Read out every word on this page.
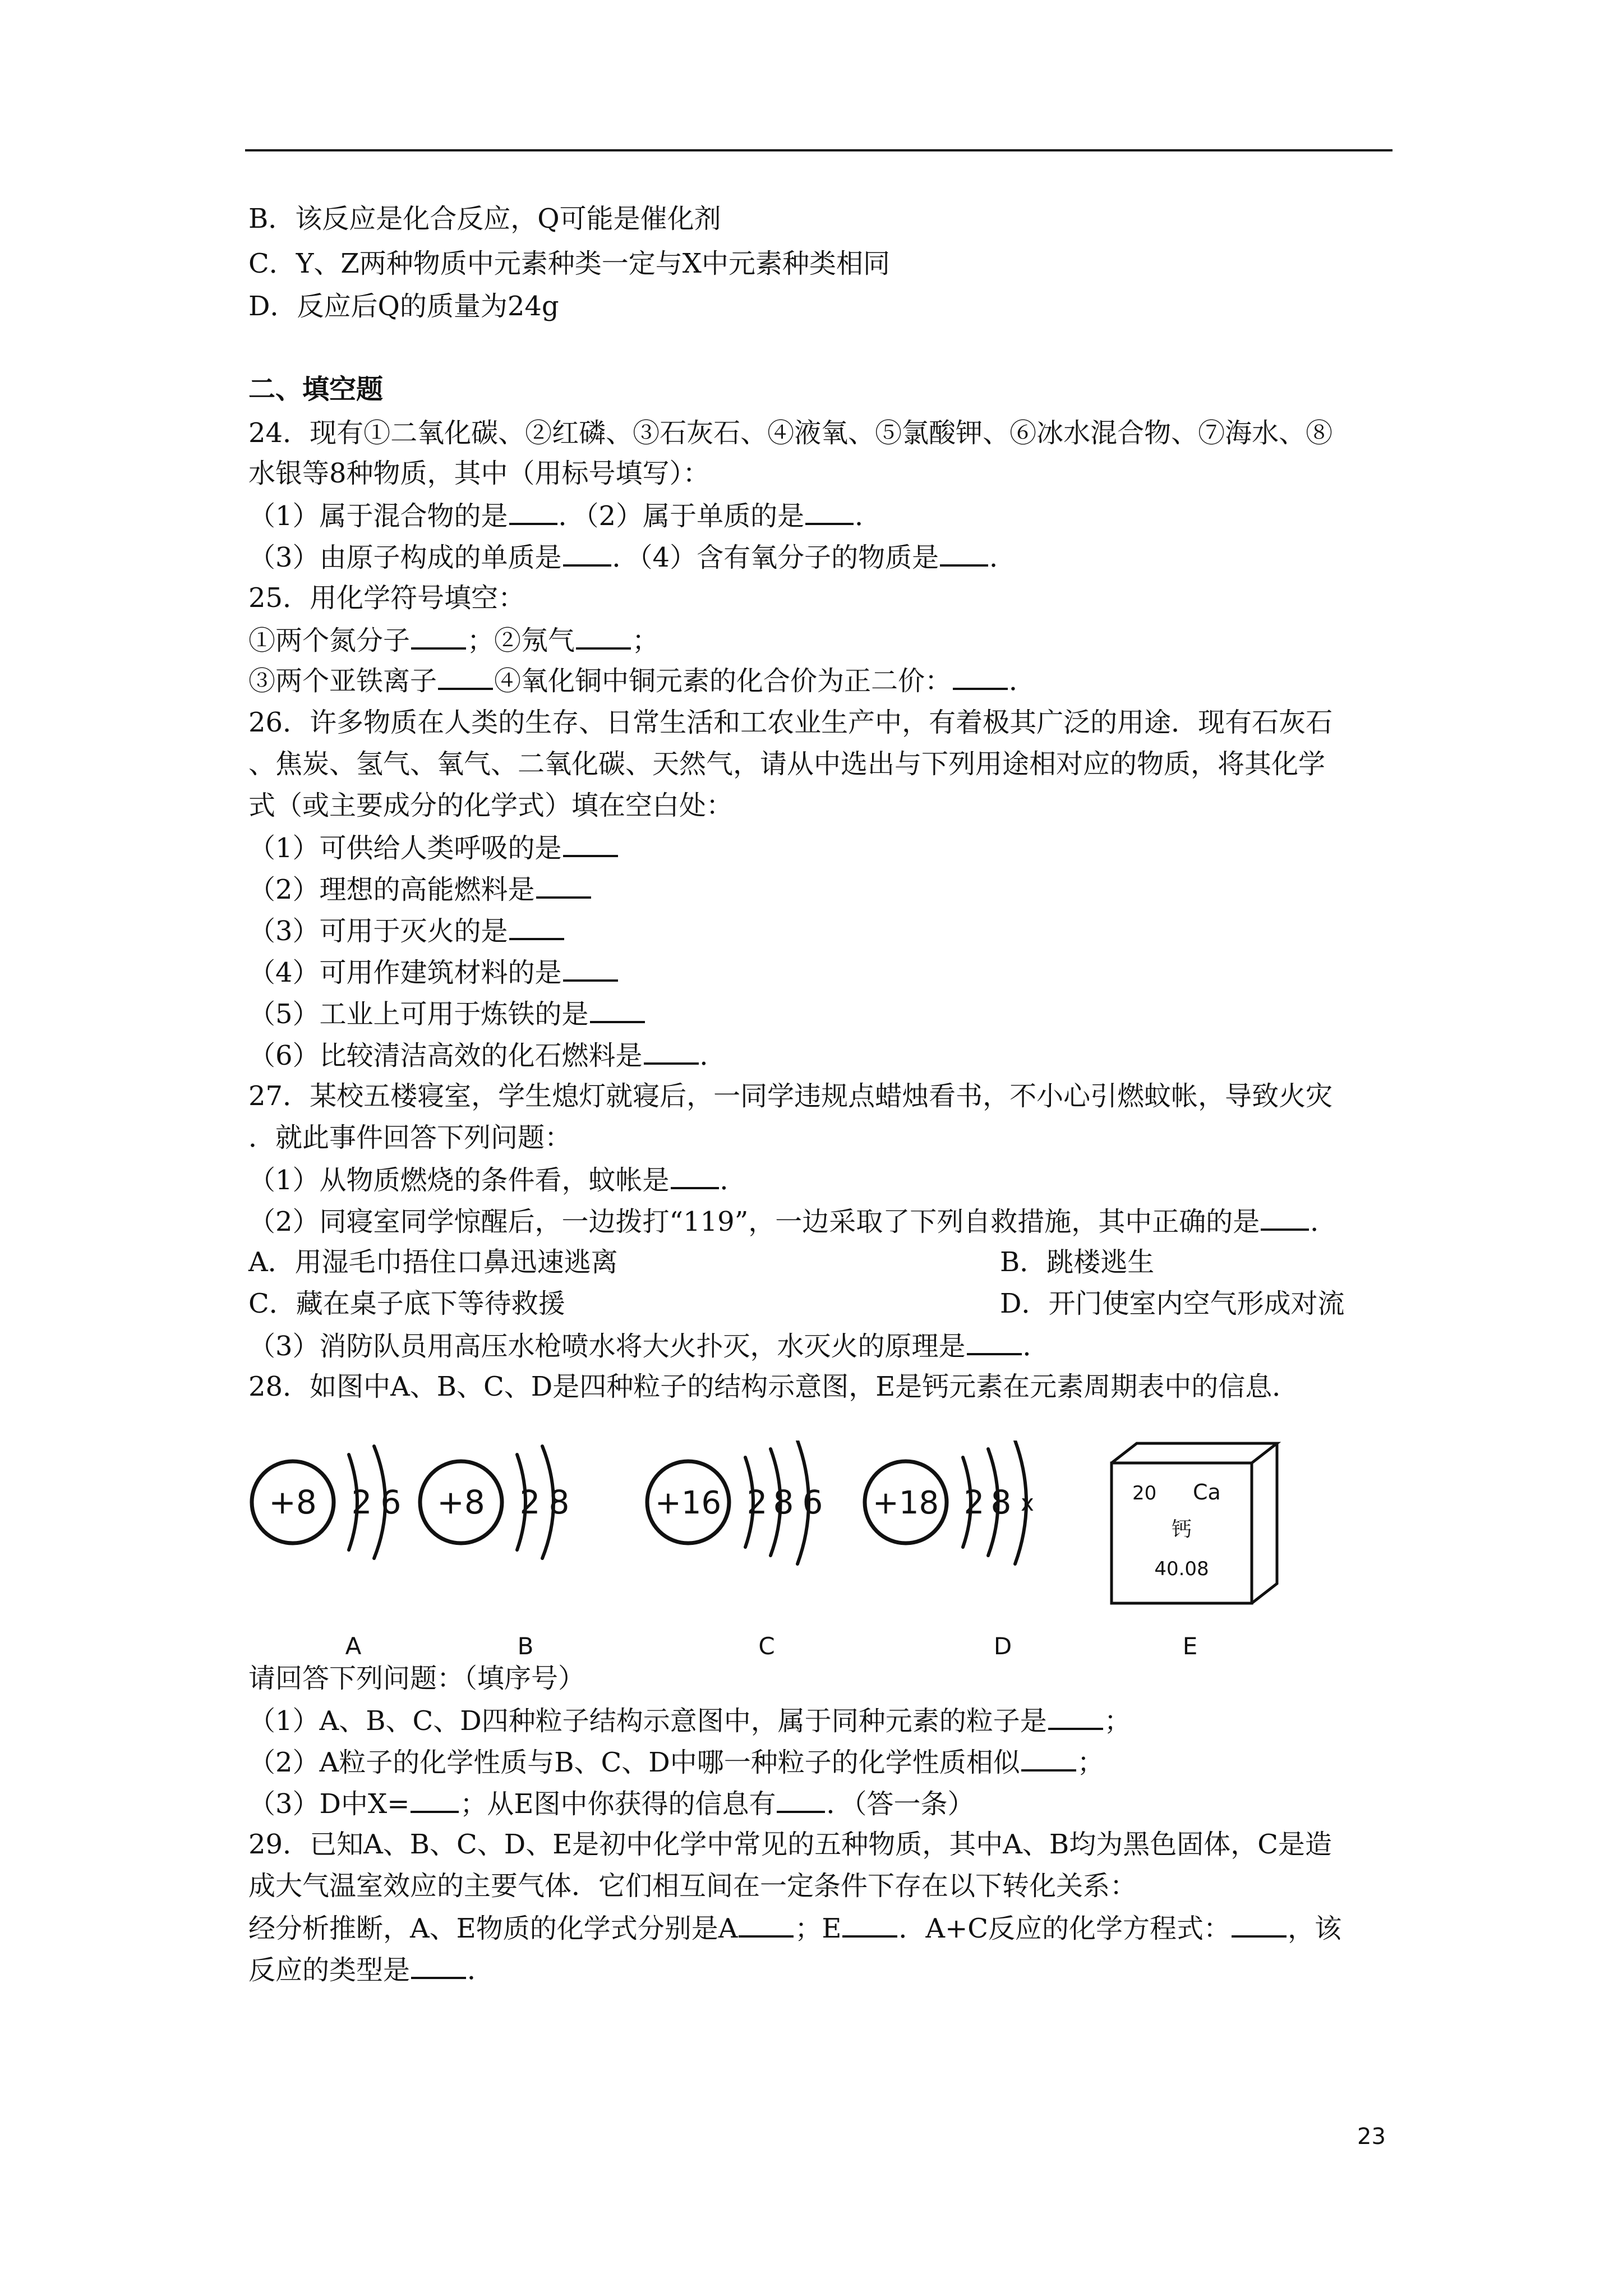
B．该反应是化合反应，Q可能是催化剂
C．Y、Z两种物质中元素种类一定与X中元素种类相同
D．反应后Q的质量为24g
二、填空题
24．现有①二氧化碳、②红磷、③石灰石、④液氧、⑤氯酸钾、⑥冰水混合物、⑦海水、⑧
水银等8种物质，其中（用标号填写）：
（1）属于混合物的是 ．（2）属于单质的是 ．
（3）由原子构成的单质是 ．（4）含有氧分子的物质是 ．
25．用化学符号填空：
①两个氮分子 ；②氖气 ；
③两个亚铁离子 ④氧化铜中铜元素的化合价为正二价： ．
26．许多物质在人类的生存、日常生活和工农业生产中，有着极其广泛的用途．现有石灰石
、焦炭、氢气、氧气、二氧化碳、天然气，请从中选出与下列用途相对应的物质，将其化学
式（或主要成分的化学式）填在空白处：
（1）可供给人类呼吸的是
（2）理想的高能燃料是
（3）可用于灭火的是
（4）可用作建筑材料的是
（5）工业上可用于炼铁的是
（6）比较清洁高效的化石燃料是 ．
27．某校五楼寝室，学生熄灯就寝后，一同学违规点蜡烛看书，不小心引燃蚊帐，导致火灾
．就此事件回答下列问题：
（1）从物质燃烧的条件看，蚊帐是 ．
（2）同寝室同学惊醒后，一边拨打“119”，一边采取了下列自救措施，其中正确的是 ．
A．用湿毛巾捂住口鼻迅速逃离	B．跳楼逃生
C．藏在桌子底下等待救援	D．开门使室内空气形成对流
（3）消防队员用高压水枪喷水将大火扑灭，水灭火的原理是 ．
28．如图中A、B、C、D是四种粒子的结构示意图，E是钙元素在元素周期表中的信息．
+8 2 6 +8 2 8	+16 2 8 6 +18 2 8 x	20 Ca
钙
40.08
A	B	C	D	E
请回答下列问题：（填序号）
（1）A、B、C、D四种粒子结构示意图中，属于同种元素的粒子是 ；
（2）A粒子的化学性质与B、C、D中哪一种粒子的化学性质相似 ；
（3）D中X= ；从E图中你获得的信息有 ．（答一条）
29．已知A、B、C、D、E是初中化学中常见的五种物质，其中A、B均为黑色固体，C是造
成大气温室效应的主要气体．它们相互间在一定条件下存在以下转化关系：
经分析推断，A、E物质的化学式分别是A ；E ．A+C反应的化学方程式： ，该
反应的类型是 ．
23
